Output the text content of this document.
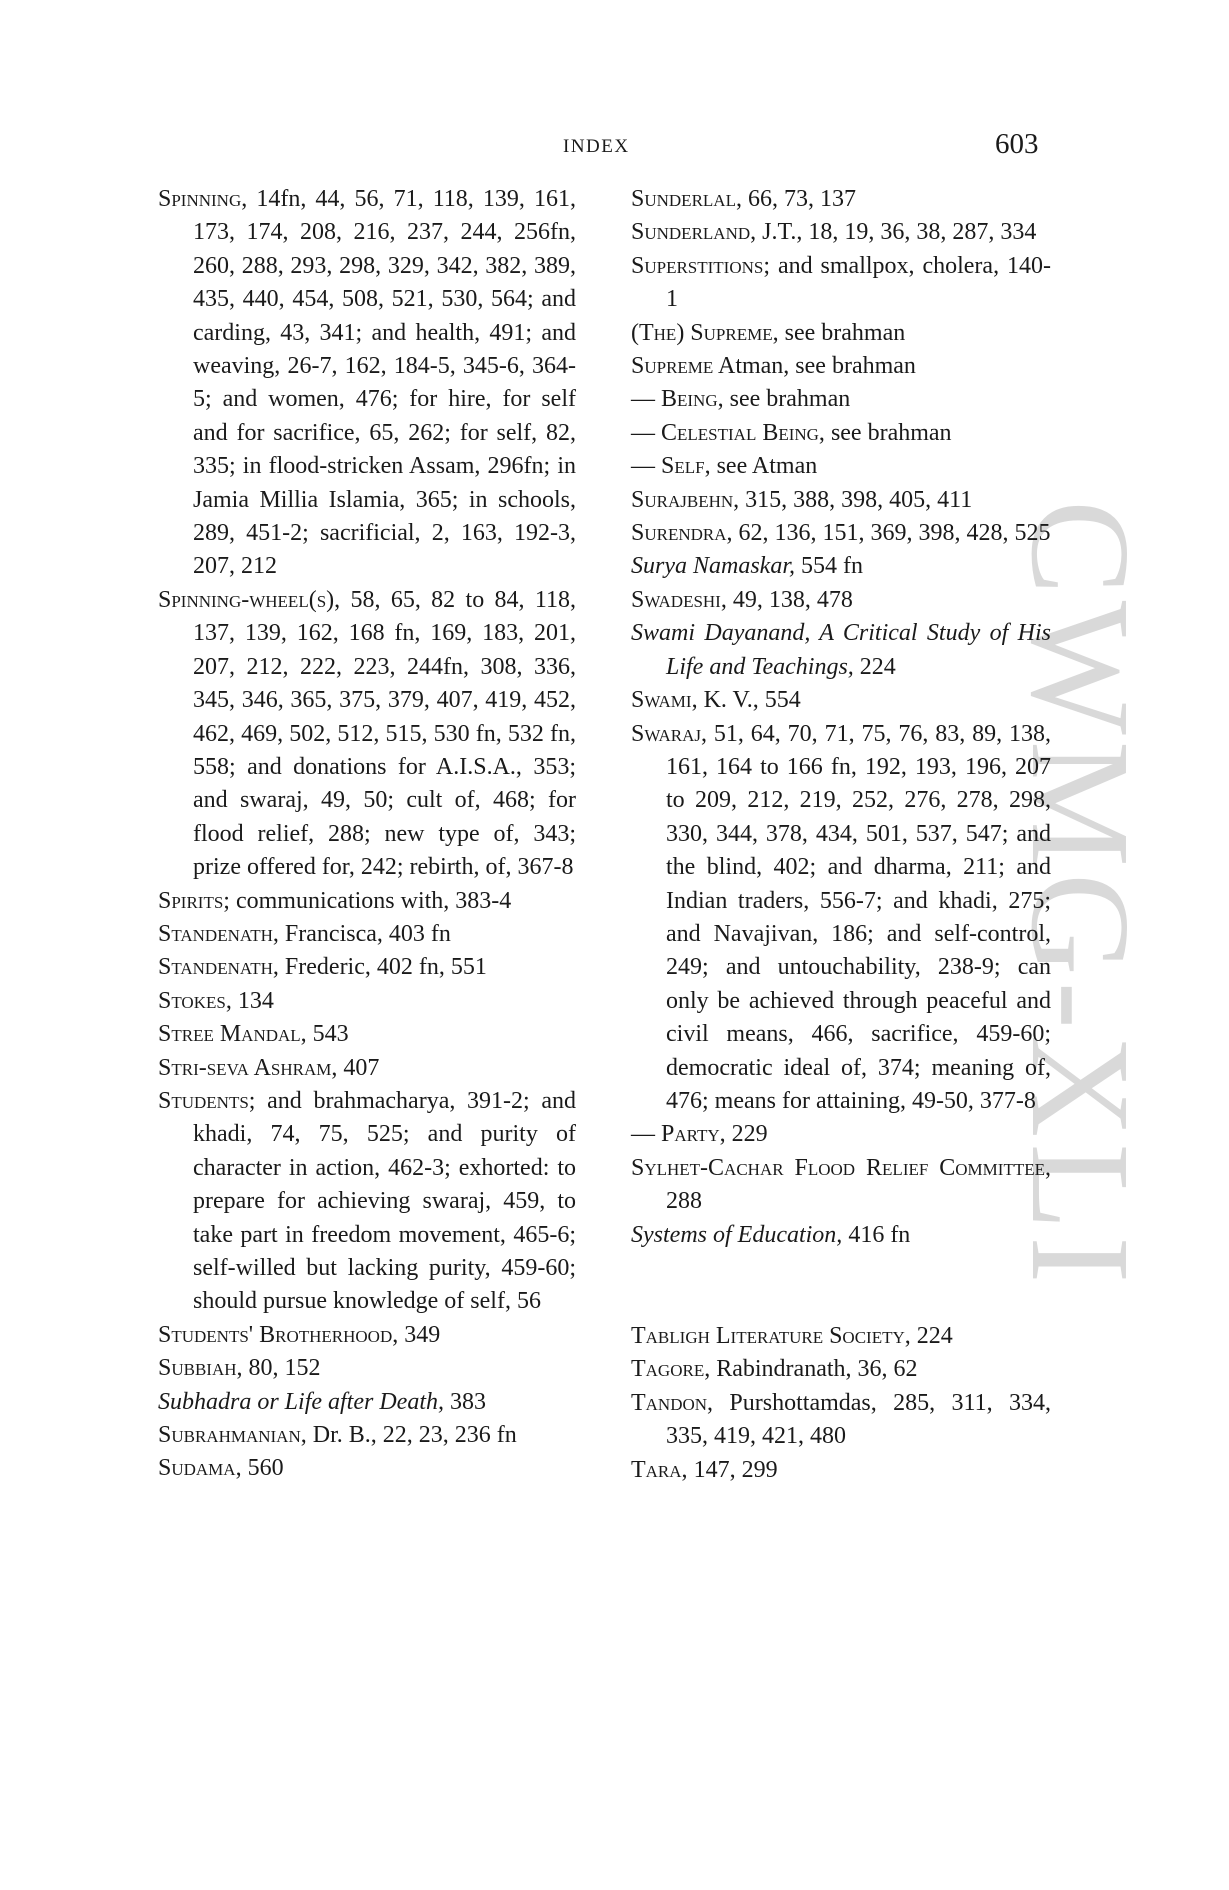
INDEX	603
CWMG-XLI
Spinning, 14fn, 44, 56, 71, 118, 139, 161, 173, 174, 208, 216, 237, 244, 256fn, 260, 288, 293, 298, 329, 342, 382, 389, 435, 440, 454, 508, 521, 530, 564; and carding, 43, 341; and health, 491; and weaving, 26-7, 162, 184-5, 345-6, 364-5; and women, 476; for hire, for self and for sacrifice, 65, 262; for self, 82, 335; in flood-stricken Assam, 296fn; in Jamia Millia Islamia, 365; in schools, 289, 451-2; sacrificial, 2, 163, 192-3, 207, 212
Spinning-wheel(s), 58, 65, 82 to 84, 118, 137, 139, 162, 168 fn, 169, 183, 201, 207, 212, 222, 223, 244fn, 308, 336, 345, 346, 365, 375, 379, 407, 419, 452, 462, 469, 502, 512, 515, 530 fn, 532 fn, 558; and donations for A.I.S.A., 353; and swaraj, 49, 50; cult of, 468; for flood relief, 288; new type of, 343; prize offered for, 242; rebirth, of, 367-8
Spirits; communications with, 383-4
Standenath, Francisca, 403 fn
Standenath, Frederic, 402 fn, 551
Stokes, 134
Stree Mandal, 543
Stri-seva Ashram, 407
Students; and brahmacharya, 391-2; and khadi, 74, 75, 525; and purity of character in action, 462-3; exhorted: to prepare for achieving swaraj, 459, to take part in freedom movement, 465-6; self-willed but lacking purity, 459-60; should pursue knowledge of self, 56
Students' Brotherhood, 349
Subbiah, 80, 152
Subhadra or Life after Death, 383
Subrahmanian, Dr. B., 22, 23, 236 fn
Sudama, 560
Sunderlal, 66, 73, 137
Sunderland, J.T., 18, 19, 36, 38, 287, 334
Superstitions; and smallpox, cholera, 140-1
(The) Supreme, see brahman
Supreme Atman, see brahman
— Being, see brahman
— Celestial Being, see brahman
— Self, see Atman
Surajbehn, 315, 388, 398, 405, 411
Surendra, 62, 136, 151, 369, 398, 428, 525
Surya Namaskar, 554 fn
Swadeshi, 49, 138, 478
Swami Dayanand, A Critical Study of His Life and Teachings, 224
Swami, K. V., 554
Swaraj, 51, 64, 70, 71, 75, 76, 83, 89, 138, 161, 164 to 166 fn, 192, 193, 196, 207 to 209, 212, 219, 252, 276, 278, 298, 330, 344, 378, 434, 501, 537, 547; and the blind, 402; and dharma, 211; and Indian traders, 556-7; and khadi, 275; and Navajivan, 186; and self-control, 249; and untouchability, 238-9; can only be achieved through peaceful and civil means, 466, sacrifice, 459-60; democratic ideal of, 374; meaning of, 476; means for attaining, 49-50, 377-8
— Party, 229
Sylhet-Cachar Flood Relief Committee, 288
Systems of Education, 416 fn
Tabligh Literature Society, 224
Tagore, Rabindranath, 36, 62
Tandon, Purshottamdas, 285, 311, 334, 335, 419, 421, 480
Tara, 147, 299
